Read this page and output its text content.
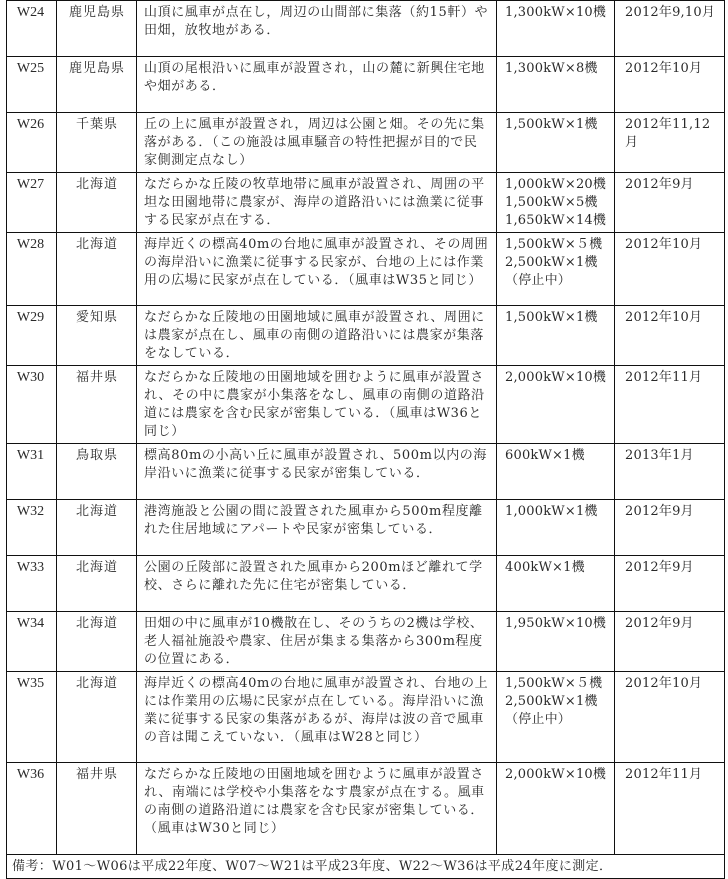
W24	鹿児島県	山頂に風車が点在し，周辺の山間部に集落（約15軒）や田畑，放牧地がある．	1,300kW×10機	2012年9,10月
W25	鹿児島県	山頂の尾根沿いに風車が設置され，山の麓に新興住宅地や畑がある．	1,300kW×8機	2012年10月
W26	千葉県	丘の上に風車が設置され，周辺は公園と畑。その先に集落がある．（この施設は風車騒音の特性把握が目的で民家側測定点なし）	1,500kW×1機	2012年11,12月
W27	北海道	なだらかな丘陵の牧草地帯に風車が設置され、周囲の平坦な田園地帯に農家が、海岸の道路沿いには漁業に従事する民家が点在する．	1,000kW×20機
1,500kW×5機
1,650kW×14機	2012年9月
W28	北海道	海岸近くの標高40mの台地に風車が設置され、その周囲の海岸沿いに漁業に従事する民家が、台地の上には作業用の広場に民家が点在している．（風車はW35と同じ）	1,500kW×５機
2,500kW×1機
（停止中）	2012年10月
W29	愛知県	なだらかな丘陵地の田園地域に風車が設置され、周囲には農家が点在し、風車の南側の道路沿いには農家が集落をなしている．	1,500kW×1機	2012年10月
W30	福井県	なだらかな丘陵地の田園地域を囲むように風車が設置され、その中に農家が小集落をなし、風車の南側の道路沿道には農家を含む民家が密集している．（風車はW36と同じ）	2,000kW×10機	2012年11月
W31	鳥取県	標高80mの小高い丘に風車が設置され、500m以内の海岸沿いに漁業に従事する民家が密集している．	600kW×1機	2013年1月
W32	北海道	港湾施設と公園の間に設置された風車から500m程度離れた住居地域にアパートや民家が密集している．	1,000kW×1機	2012年9月
W33	北海道	公園の丘陵部に設置された風車から200mほど離れて学校、さらに離れた先に住宅が密集している．	400kW×1機	2012年9月
W34	北海道	田畑の中に風車が10機散在し、そのうちの2機は学校、老人福祉施設や農家、住居が集まる集落から300m程度の位置にある．	1,950kW×10機	2012年9月
W35	北海道	海岸近くの標高40mの台地に風車が設置され、台地の上には作業用の広場に民家が点在している。海岸沿いに漁業に従事する民家の集落があるが、海岸は波の音で風車の音は聞こえていない．（風車はW28と同じ）	1,500kW×５機
2,500kW×1機
（停止中）	2012年10月
W36	福井県	なだらかな丘陵地の田園地域を囲むように風車が設置され、南端には学校や小集落をなす農家が点在する。風車の南側の道路沿道には農家を含む民家が密集している．（風車はW30と同じ）	2,000kW×10機	2012年11月
備考：W01～W06は平成22年度、W07～W21は平成23年度、W22～W36は平成24年度に測定．				
